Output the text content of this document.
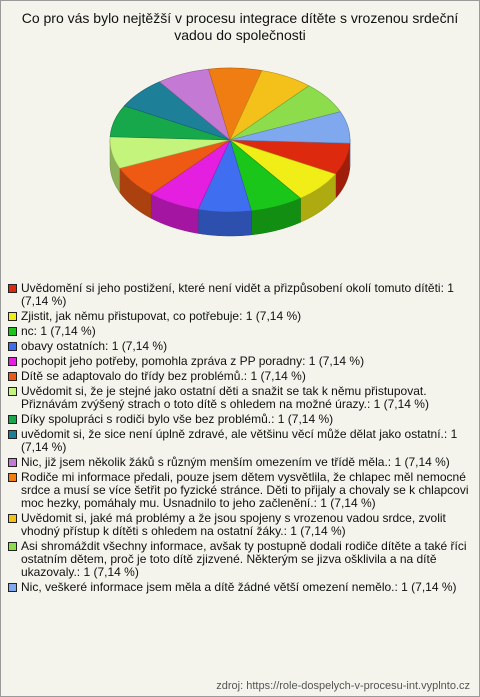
Co pro vás bylo nejtěžší v procesu integrace dítěte s vrozenou srdeční vadou do společnosti
Uvědomění si jeho postižení, které není vidět a přizpůsobení okolí tomuto dítěti: 1 (7,14 %)
Zjistit, jak němu přistupovat, co potřebuje: 1 (7,14 %)
nc: 1 (7,14 %)
obavy ostatních: 1 (7,14 %)
pochopit jeho potřeby, pomohla zpráva z PP poradny: 1 (7,14 %)
Dítě se adaptovalo do třídy bez problémů.: 1 (7,14 %)
Uvědomit si, že je stejné jako ostatní děti a snažit se tak k němu přistupovat. Přiznávám zvýšený strach o toto dítě s ohledem na možné úrazy.: 1 (7,14 %)
Díky spolupráci s rodiči bylo vše bez problémů.: 1 (7,14 %)
uvědomit si, že sice není úplně zdravé, ale většinu věcí může dělat jako ostatní.: 1 (7,14 %)
Nic, již jsem několik žáků s různým menším omezením ve třídě měla.: 1 (7,14 %)
Rodiče mi informace předali, pouze jsem dětem vysvětlila, že chlapec měl nemocné srdce a musí se více šetřit po fyzické stránce. Děti to přijaly a chovaly se k chlapcovi moc hezky, pomáhaly mu. Usnadnilo to jeho začlenění.: 1 (7,14 %)
Uvědomit si, jaké má problémy a že jsou spojeny s vrozenou vadou srdce, zvolit vhodný přístup k dítěti s ohledem na ostatní žáky.: 1 (7,14 %)
Asi shromáždit všechny informace, avšak ty postupně dodali rodiče dítěte a také říci ostatním dětem, proč je toto dítě zjizvené. Některým se jizva ošklivila a na dítě ukazovaly.: 1 (7,14 %)
Nic, veškeré informace jsem měla a dítě žádné větší omezení nemělo.: 1 (7,14 %)
zdroj: https://role-dospelych-v-procesu-int.vyplnto.cz
